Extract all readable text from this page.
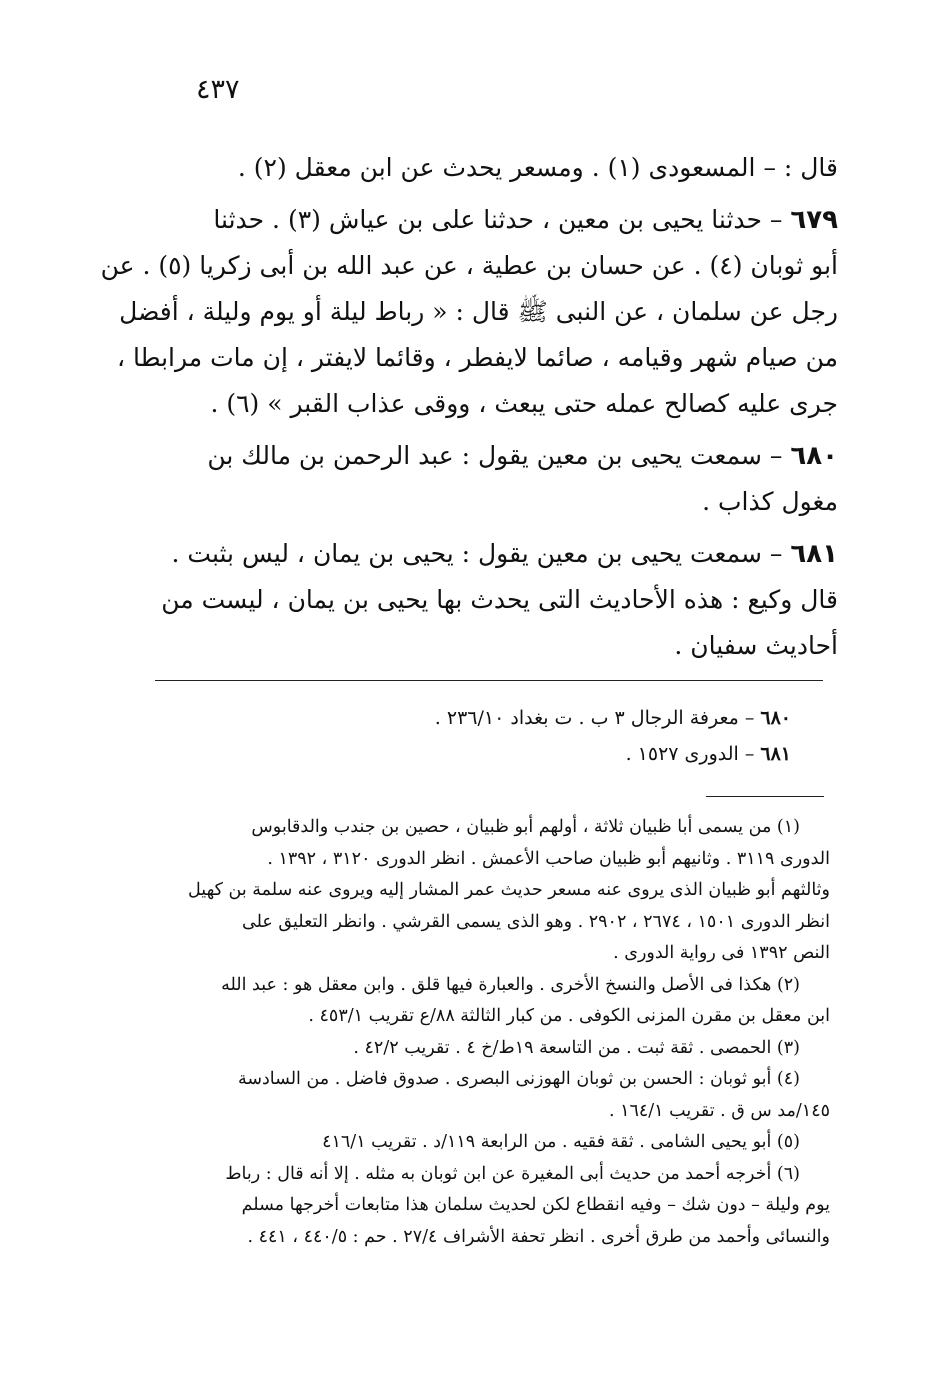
٤٣٧
قال : – المسعودى (١) . ومسعر يحدث عن ابن معقل (٢) .
٦٧٩ – حدثنا يحيى بن معين ، حدثنا على بن عياش (٣) . حدثنا
أبو ثوبان (٤) . عن حسان بن عطية ، عن عبد الله بن أبى زكريا (٥) . عن
رجل عن سلمان ، عن النبى ﷺ قال : « رباط ليلة أو يوم وليلة ، أفضل
من صيام شهر وقيامه ، صائما لايفطر ، وقائما لايفتر ، إن مات مرابطا ،
جرى عليه كصالح عمله حتى يبعث ، ووقى عذاب القبر » (٦) .
٦٨٠ – سمعت يحيى بن معين يقول : عبد الرحمن بن مالك بن
مغول كذاب .
٦٨١ – سمعت يحيى بن معين يقول : يحيى بن يمان ، ليس بثبت .
قال وكيع : هذه الأحاديث التى يحدث بها يحيى بن يمان ، ليست من
أحاديث سفيان .
٦٨٠ – معرفة الرجال ٣ ب . ت بغداد ٢٣٦/١٠ .
٦٨١ – الدورى ١٥٢٧ .
(١) من يسمى أبا ظبيان ثلاثة ، أولهم أبو ظبيان ، حصين بن جندب والدقابوس
الدورى ٣١١٩ . وثانيهم أبو ظبيان صاحب الأعمش . انظر الدورى ٣١٢٠ ، ١٣٩٢ .
وثالثهم أبو ظبيان الذى يروى عنه مسعر حديث عمر المشار إليه ويروى عنه سلمة بن كهيل
انظر الدورى ١٥٠١ ، ٢٦٧٤ ، ٢٩٠٢ . وهو الذى يسمى القرشي . وانظر التعليق على
النص ١٣٩٢ فى رواية الدورى .
(٢) هكذا فى الأصل والنسخ الأخرى . والعبارة فيها قلق . وابن معقل هو : عبد الله
ابن معقل بن مقرن المزنى الكوفى . من كبار الثالثة ٨٨/ع تقريب ٤٥٣/١ .
(٣) الحمصى . ثقة ثبت . من التاسعة ١٩ط/خ ٤ . تقريب ٤٢/٢ .
(٤) أبو ثوبان : الحسن بن ثوبان الهوزنى البصرى . صدوق فاضل . من السادسة
١٤٥/مد س ق . تقريب ١٦٤/١ .
(٥) أبو يحيى الشامى . ثقة فقيه . من الرابعة ١١٩/د . تقريب ٤١٦/١
(٦) أخرجه أحمد من حديث أبى المغيرة عن ابن ثوبان به مثله . إلا أنه قال : رباط
يوم وليلة – دون شك – وفيه انقطاع لكن لحديث سلمان هذا متابعات أخرجها مسلم
والنسائى وأحمد من طرق أخرى . انظر تحفة الأشراف ٢٧/٤ . حم : ٤٤٠/٥ ، ٤٤١ .
